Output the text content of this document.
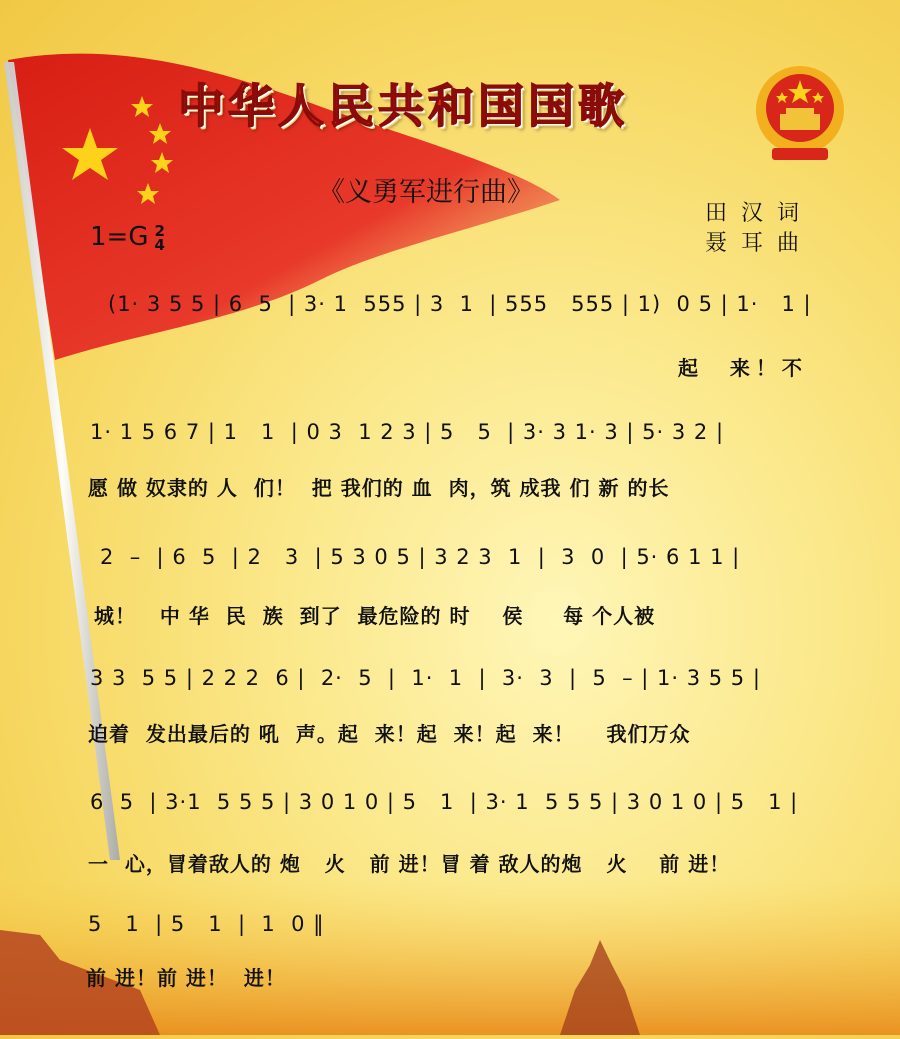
中华人民共和国国歌
《义勇军进行曲》
1=G 2
4
田汉词
聂耳曲
(1· 3 5 5 | 6  5  | 3· 1  555 | 3  1  | 555   555 | 1)  0 5 | 1·   1 |
起  来！不
1· 1 5 6 7 | 1   1  | 0 3  1 2 3 | 5   5  | 3· 3 1· 3 | 5· 3 2 |
愿 做 奴隶的 人  们！  把 我们的 血  肉，筑 成我 们 新 的长
2  –  | 6  5  | 2   3  | 5 3 0 5 | 3 2 3  1  |  3  0  | 5· 6 1 1 |
城！   中 华  民  族  到了  最危险的 时    侯     每 个人被
3 3  5 5 | 2 2 2  6 |  2·  5  |  1·  1  |  3·  3  |  5  – | 1· 3 5 5 |
迫着  发出最后的 吼  声。起  来！起  来！起  来！    我们万众
6  5  | 3·1  5 5 5 | 3 0 1 0 | 5   1  | 3· 1  5 5 5 | 3 0 1 0 | 5   1 |
一  心，冒着敌人的 炮   火   前 进！冒 着 敌人的炮   火    前 进！
5   1  | 5   1  |  1  0 ‖
前 进！前 进！  进！
